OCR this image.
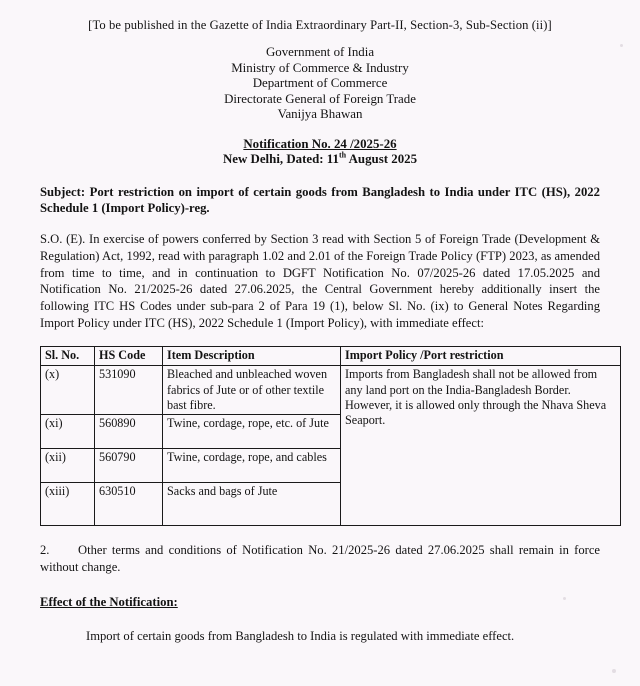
[To be published in the Gazette of India Extraordinary Part-II, Section-3, Sub-Section (ii)]
Government of India
Ministry of Commerce & Industry
Department of Commerce
Directorate General of Foreign Trade
Vanijya Bhawan
Notification No. 24 /2025-26
New Delhi, Dated: 11th August 2025
Subject: Port restriction on import of certain goods from Bangladesh to India under ITC (HS), 2022 Schedule 1 (Import Policy)-reg.
S.O. (E). In exercise of powers conferred by Section 3 read with Section 5 of Foreign Trade (Development & Regulation) Act, 1992, read with paragraph 1.02 and 2.01 of the Foreign Trade Policy (FTP) 2023, as amended from time to time, and in continuation to DGFT Notification No. 07/2025-26 dated 17.05.2025 and Notification No. 21/2025-26 dated 27.06.2025, the Central Government hereby additionally insert the following ITC HS Codes under sub-para 2 of Para 19 (1), below Sl. No. (ix) to General Notes Regarding Import Policy under ITC (HS), 2022 Schedule 1 (Import Policy), with immediate effect:
Sl. No.	HS Code	Item Description	Import Policy /Port restriction
(x)	531090	Bleached and unbleached woven fabrics of Jute or of other textile bast fibre.	Imports from Bangladesh shall not be allowed from any land port on the India-Bangladesh Border. However, it is allowed only through the Nhava Sheva Seaport.
(xi)	560890	Twine, cordage, rope, etc. of Jute	
(xii)	560790	Twine, cordage, rope, and cables	
(xiii)	630510	Sacks and bags of Jute	
2. Other terms and conditions of Notification No. 21/2025-26 dated 27.06.2025 shall remain in force without change.
Effect of the Notification:
Import of certain goods from Bangladesh to India is regulated with immediate effect.
